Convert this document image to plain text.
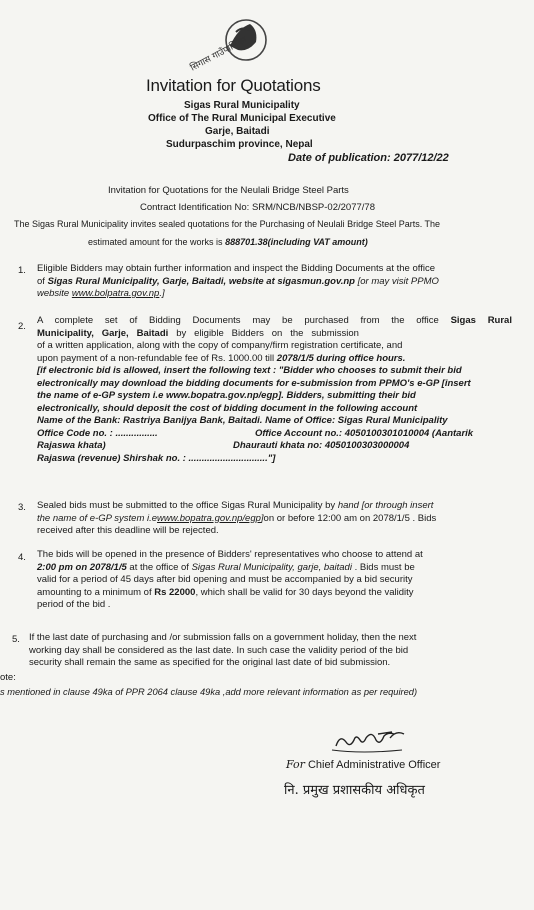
सिगास गाउँपालिका
Invitation for Quotations
Sigas Rural Municipality
Office of The Rural Municipal Executive
Garje, Baitadi
Sudurpaschim province, Nepal
Date of publication: 2077/12/22
Invitation for Quotations for the Neulali Bridge Steel Parts
Contract Identification No: SRM/NCB/NBSP-02/2077/78
The Sigas Rural Municipality invites sealed quotations for the Purchasing of Neulali Bridge Steel Parts. The
estimated amount for the works is 888701.38(including VAT amount)
1. Eligible Bidders may obtain further information and inspect the Bidding Documents at the office
of Sigas Rural Municipality, Garje, Baitadi, website at sigasmun.gov.np [or may visit PPMO
website www.bolpatra.gov.np.]
2.
A complete set of Bidding Documents may be purchased from the office Sigas Rural
Municipality,   Garje,   Baitadi   by   eligible   Bidders   on   the   submission
of a written application, along with the copy of company/firm registration certificate, and
upon payment of a non-refundable fee of Rs. 1000.00 till 2078/1/5 during office hours.
[if electronic bid is allowed, insert the following text : "Bidder who chooses to submit their bid
electronically may download the bidding documents for e-submission from PPMO's e-GP [insert
the name of e-GP system i.e www.bopatra.gov.np/egp]. Bidders, submitting their bid
electronically, should deposit the cost of bidding document in the following account
Name of the Bank: Rastriya Banijya Bank, Baitadi. Name of Office: Sigas Rural Municipality
Office Code no. : ................	Office Account no.: 4050100301010004 (Aantarik
Rajaswa khata)	Dhaurauti khata no: 4050100303000004
Rajaswa (revenue) Shirshak no. : .............................."]
3. Sealed bids must be submitted to the office Sigas Rural Municipality by hand [or through insert
the name of e-GP system i.ewww.bopatra.gov.np/egp]on or before 12:00 am on 2078/1/5 . Bids
received after this deadline will be rejected.
4. The bids will be opened in the presence of Bidders' representatives who choose to attend at
2:00 pm on 2078/1/5 at the office of Sigas Rural Municipality, garje, baitadi . Bids must be
valid for a period of 45 days after bid opening and must be accompanied by a bid security
amounting to a minimum of Rs 22000, which shall be valid for 30 days beyond the validity
period of the bid .
5. If the last date of purchasing and /or submission falls on a government holiday, then the next
working day shall be considered as the last date. In such case the validity period of the bid
security shall remain the same as specified for the original last date of bid submission.
ote:
s mentioned in clause 49ka of PPR 2064 clause 49ka ,add more relevant information as per required)
For Chief Administrative Officer
नि. प्रमुख प्रशासकीय अधिकृत
